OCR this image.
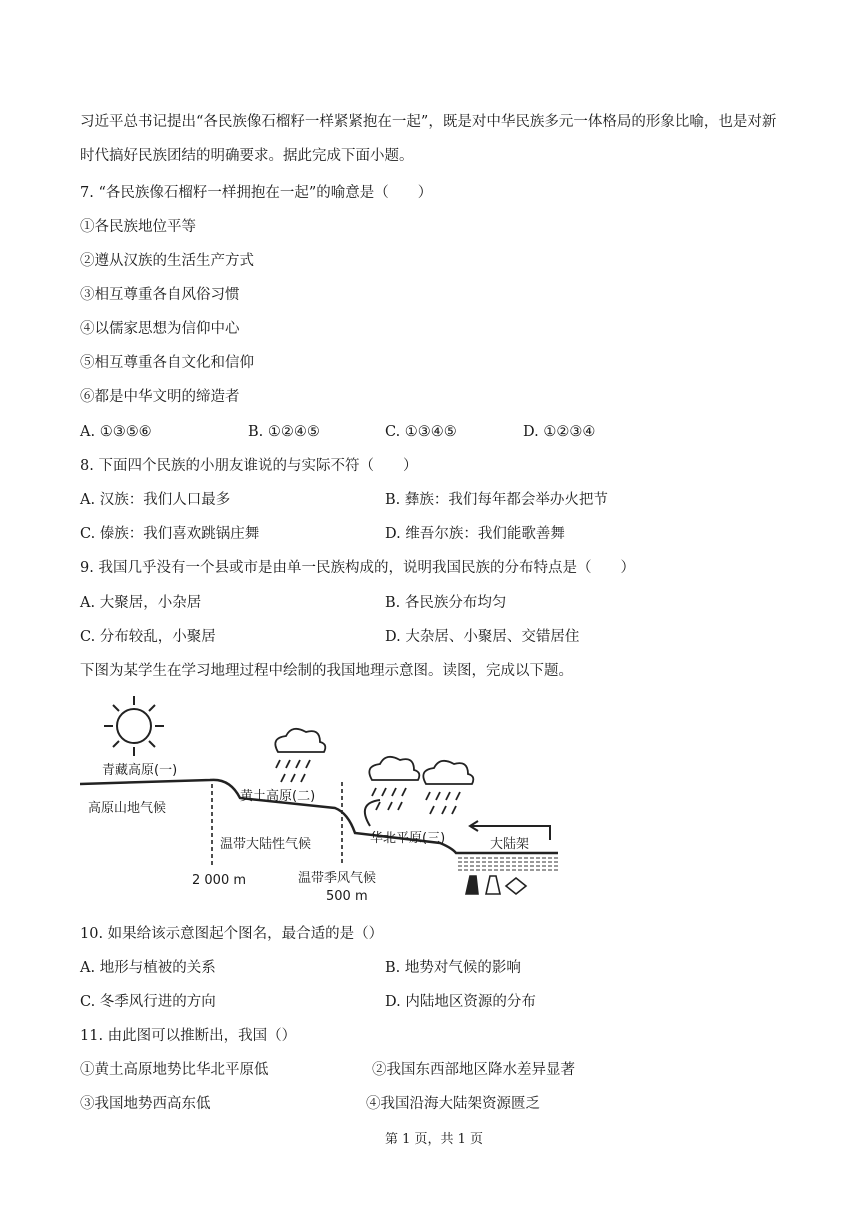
习近平总书记提出“各民族像石榴籽一样紧紧抱在一起”，既是对中华民族多元一体格局的形象比喻，也是对新时代搞好民族团结的明确要求。据此完成下面小题。
7. “各民族像石榴籽一样拥抱在一起”的喻意是（　　）
①各民族地位平等
②遵从汉族的生活生产方式
③相互尊重各自风俗习惯
④以儒家思想为信仰中心
⑤相互尊重各自文化和信仰
⑥都是中华文明的缔造者
A. ①③⑤⑥	B. ①②④⑤	C. ①③④⑤	D. ①②③④
8. 下面四个民族的小朋友谁说的与实际不符（　　）
A. 汉族：我们人口最多	B. 彝族：我们每年都会举办火把节
C. 傣族：我们喜欢跳锅庄舞	D. 维吾尔族：我们能歌善舞
9. 我国几乎没有一个县或市是由单一民族构成的，说明我国民族的分布特点是（　　）
A. 大聚居，小杂居	B. 各民族分布均匀
C. 分布较乱，小聚居	D. 大杂居、小聚居、交错居住
下图为某学生在学习地理过程中绘制的我国地理示意图。读图，完成以下题。
青藏高原(一)
高原山地气候
黄土高原(二)
温带大陆性气候
2 000 m
华北平原(三)	大陆架
温带季风气候
500 m
10. 如果给该示意图起个图名，最合适的是（）
A. 地形与植被的关系	B. 地势对气候的影响
C. 冬季风行进的方向	D. 内陆地区资源的分布
11. 由此图可以推断出，我国（）
①黄土高原地势比华北平原低	②我国东西部地区降水差异显著
③我国地势西高东低	④我国沿海大陆架资源匮乏
第 1 页，共 1 页
